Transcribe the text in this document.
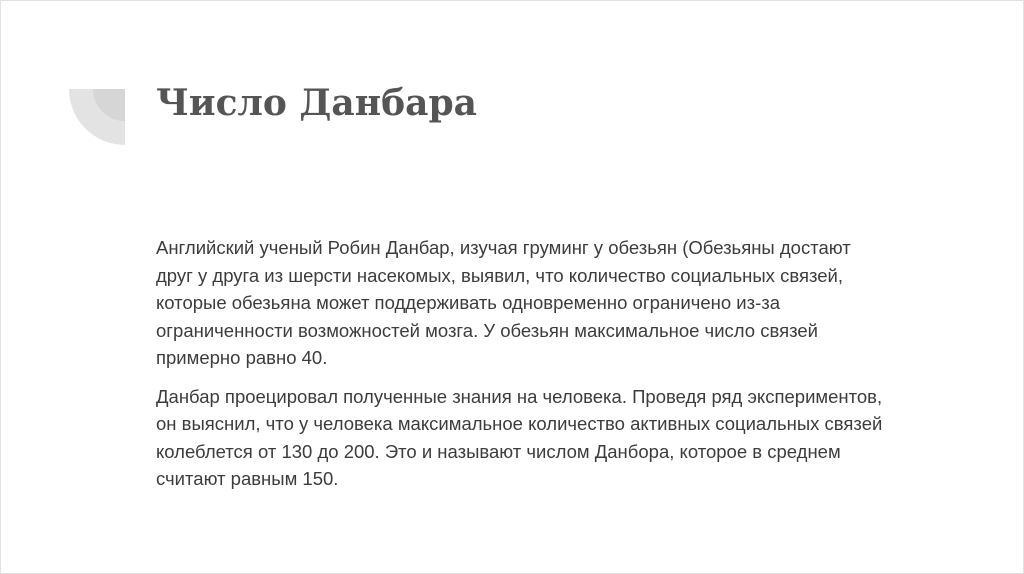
Число Данбара

Английский ученый Робин Данбар, изучая груминг у обезьян (Обезьяны достают
друг у друга из шерсти насекомых, выявил, что количество социальных связей,
которые обезьяна может поддерживать одновременно ограничено из-за
ограниченности возможностей мозга. У обезьян максимальное число связей
примерно равно 40.

Данбар проецировал полученные знания на человека. Проведя ряд экспериментов,
он выяснил, что у человека максимальное количество активных социальных связей
колеблется от 130 до 200. Это и называют числом Данбора, которое в среднем
считают равным 150.
